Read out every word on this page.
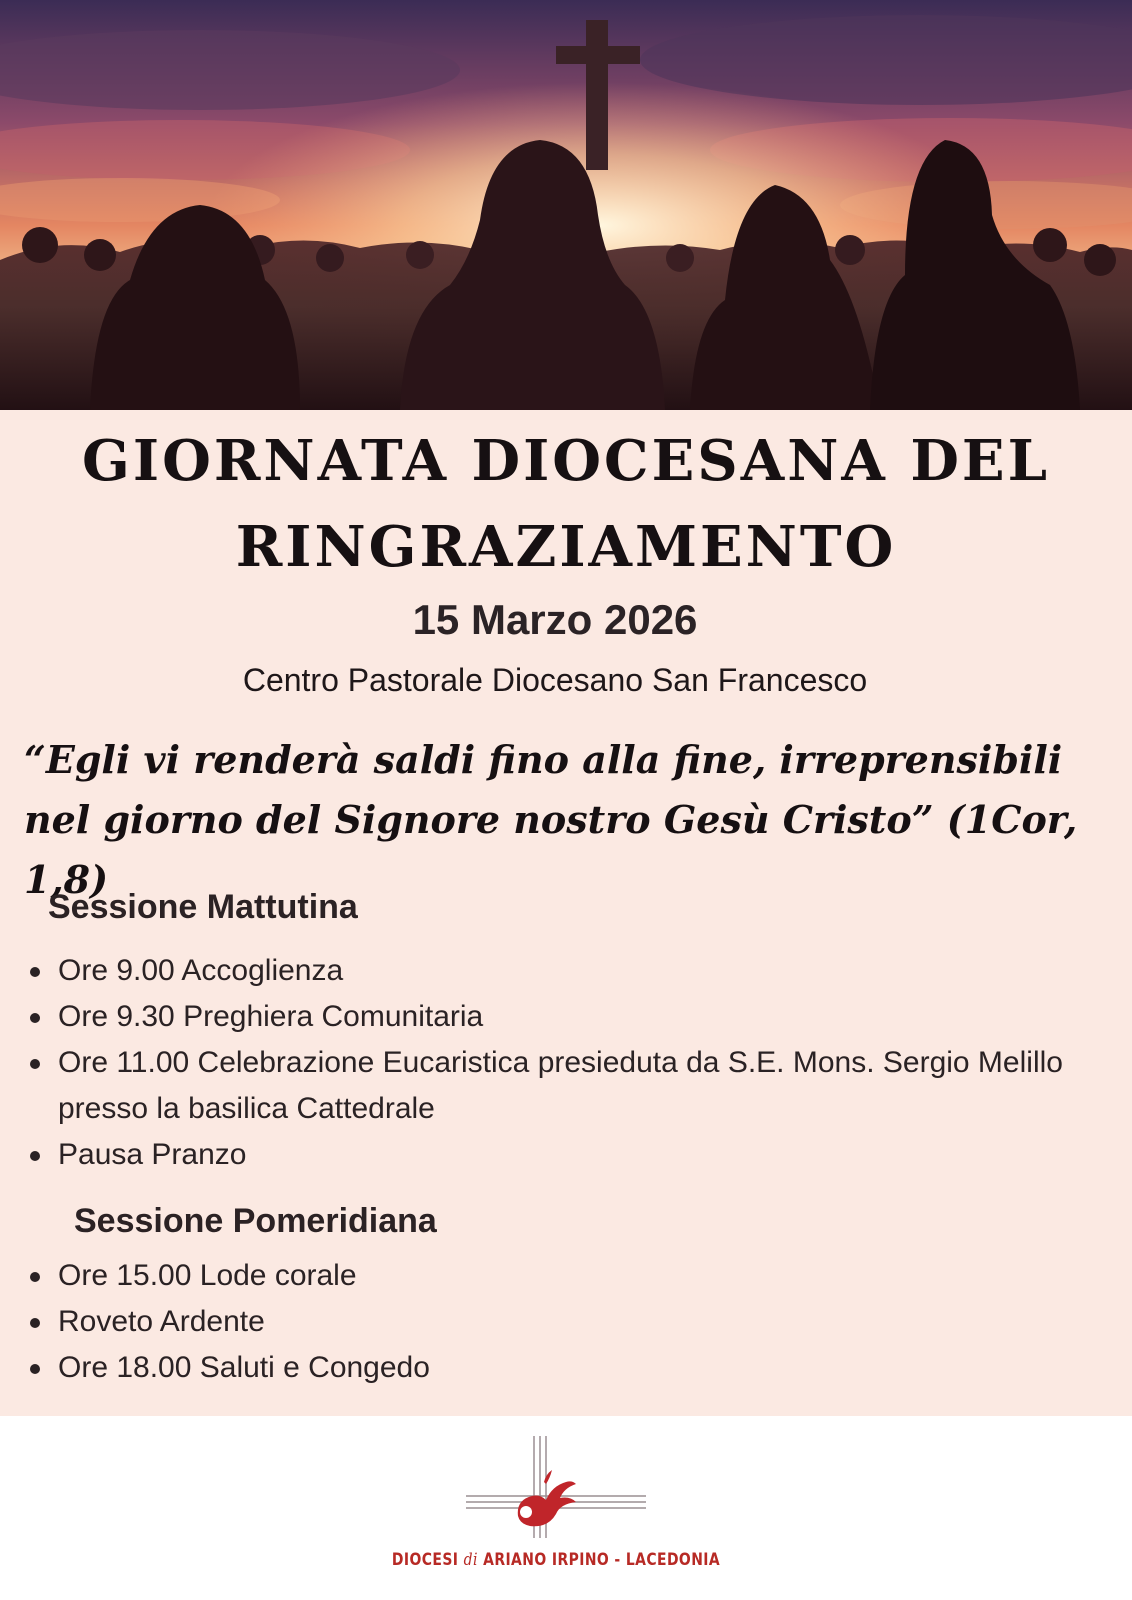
GIORNATA DIOCESANA DEL RINGRAZIAMENTO
15 Marzo 2026
Centro Pastorale Diocesano San Francesco

“Egli vi renderà saldi fino alla fine, irreprensibili nel giorno del Signore nostro Gesù Cristo” (1Cor, 1,8)

Sessione Mattutina
Ore 9.00 Accoglienza
Ore 9.30 Preghiera Comunitaria
Ore 11.00 Celebrazione Eucaristica presieduta da S.E. Mons. Sergio Melillo presso la basilica Cattedrale
Pausa Pranzo
Sessione Pomeridiana
Ore 15.00 Lode corale
Roveto Ardente
Ore 18.00 Saluti e Congedo
DIOCESI di ARIANO IRPINO - LACEDONIA
